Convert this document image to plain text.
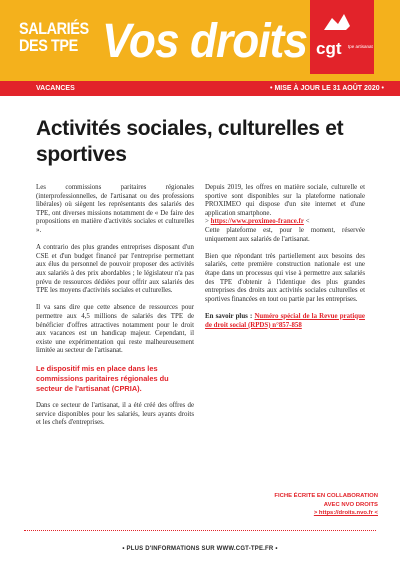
SALARIÉS
DES TPE Vos droits cgt tpe artisanat
VACANCES	• MISE À JOUR LE 31 AOÛT 2020 •
Activités sociales, culturelles et sportives

Les commissions paritaires régionales (interprofessionnelles, de l'artisanat ou des professions libérales) où siègent les représentants des salariés des TPE, ont diverses missions notamment de « De faire des propositions en matière d'activités sociales et culturelles ».

A contrario des plus grandes entreprises disposant d'un CSE et d'un budget financé par l'entreprise permettant aux élus du personnel de pouvoir proposer des activités aux salariés à des prix abordables ; le législateur n'a pas prévu de ressources dédiées pour offrir aux salariés des TPE les moyens d'activités sociales et culturelles.

Il va sans dire que cette absence de ressources pour permettre aux 4,5 millions de salariés des TPE de bénéficier d'offres attractives notamment pour le droit aux vacances est un handicap majeur. Cependant, il existe une expérimentation qui reste malheureusement limitée au secteur de l'artisanat.

Le dispositif mis en place dans les commissions paritaires régionales du secteur de l'artisanat (CPRIA).

Dans ce secteur de l'artisanat, il a été créé des offres de service disponibles pour les salariés, leurs ayants droits et les chefs d'entreprises.

Depuis 2019, les offres en matière sociale, culturelle et sportive sont disponibles sur la plateforme nationale PROXIMEO qui dispose d'un site internet et d'une application smartphone.

> https://www.proximeo-france.fr <

Cette plateforme est, pour le moment, réservée uniquement aux salariés de l'artisanat.

Bien que répondant très partiellement aux besoins des salariés, cette première construction nationale est une étape dans un processus qui vise à permettre aux salariés des TPE d'obtenir à l'identique des plus grandes entreprises des droits aux activités sociales culturelles et sportives financées en tout ou partie par les entreprises.

En savoir plus : Numéro spécial de la Revue pratique de droit social (RPDS) n°857-858

FICHE ÉCRITE EN COLLABORATION
AVEC NVO DROITS
> https://droits.nvo.fr <
• PLUS D'INFORMATIONS SUR WWW.CGT-TPE.FR •
